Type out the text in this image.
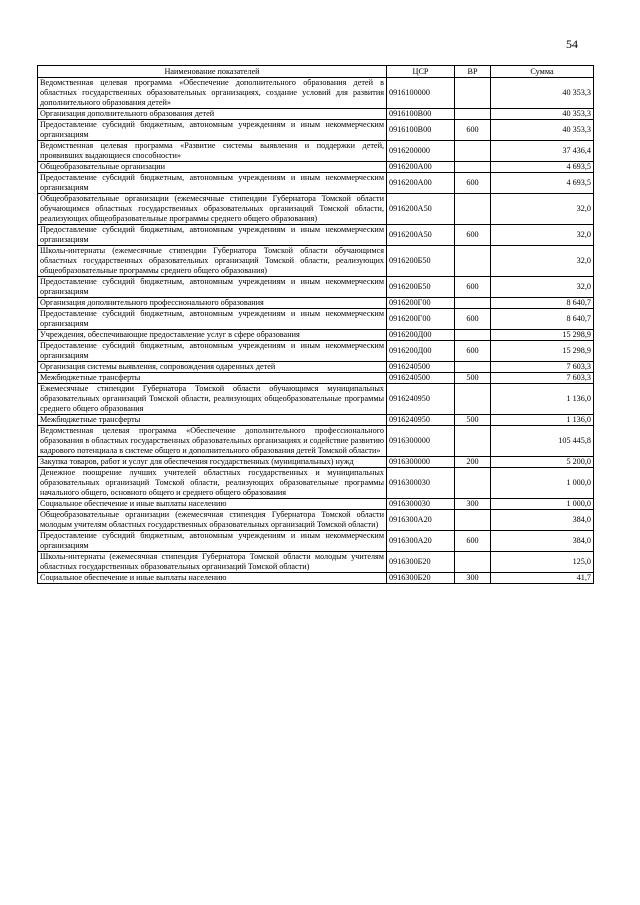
54
Наименование показателей	ЦСР	ВР	Сумма
Ведомственная целевая программа «Обеспечение дополнительного образования детей в областных государственных образовательных организациях, создание условий для развития дополнительного образования детей»	0916100000		40 353,3
Организация дополнительного образования детей	0916100В00		40 353,3
Предоставление субсидий бюджетным, автономным учреждениям и иным некоммерческим организациям	0916100В00	600	40 353,3
Ведомственная целевая программа «Развитие системы выявления и поддержки детей, проявивших выдающиеся способности»	0916200000		37 436,4
Общеобразовательные организации	0916200А00		4 693,5
Предоставление субсидий бюджетным, автономным учреждениям и иным некоммерческим организациям	0916200А00	600	4 693,5
Общеобразовательные организации (ежемесячные стипендии Губернатора Томской области обучающимся областных государственных образовательных организаций Томской области, реализующих общеобразовательные программы среднего общего образования)	0916200А50		32,0
Предоставление субсидий бюджетным, автономным учреждениям и иным некоммерческим организациям	0916200А50	600	32,0
Школы-интернаты (ежемесячные стипендии Губернатора Томской области обучающимся областных государственных образовательных организаций Томской области, реализующих общеобразовательные программы среднего общего образования)	0916200Б50		32,0
Предоставление субсидий бюджетным, автономным учреждениям и иным некоммерческим организациям	0916200Б50	600	32,0
Организация дополнительного профессионального образования	0916200Г00		8 640,7
Предоставление субсидий бюджетным, автономным учреждениям и иным некоммерческим организациям	0916200Г00	600	8 640,7
Учреждения, обеспечивающие предоставление услуг в сфере образования	0916200Д00		15 298,9
Предоставление субсидий бюджетным, автономным учреждениям и иным некоммерческим организациям	0916200Д00	600	15 298,9
Организация системы выявления, сопровождения одаренных детей	0916240500		7 603,3
Межбюджетные трансферты	0916240500	500	7 603,3
Ежемесячные стипендии Губернатора Томской области обучающимся муниципальных образовательных организаций Томской области, реализующих общеобразовательные программы среднего общего образования	0916240950		1 136,0
Межбюджетные трансферты	0916240950	500	1 136,0
Ведомственная целевая программа «Обеспечение дополнительного профессионального образования в областных государственных образовательных организациях и содействие развитию кадрового потенциала в системе общего и дополнительного образования детей Томской области»	0916300000		105 445,8
Закупка товаров, работ и услуг для обеспечения государственных (муниципальных) нужд	0916300000	200	5 200,0
Денежное поощрение лучших учителей областных государственных и муниципальных образовательных организаций Томской области, реализующих образовательные программы начального общего, основного общего и среднего общего образования	0916300030		1 000,0
Социальное обеспечение и иные выплаты населению	0916300030	300	1 000,0
Общеобразовательные организации (ежемесячная стипендия Губернатора Томской области молодым учителям областных государственных образовательных организаций Томской области)	0916300А20		384,0
Предоставление субсидий бюджетным, автономным учреждениям и иным некоммерческим организациям	0916300А20	600	384,0
Школы-интернаты (ежемесячная стипендия Губернатора Томской области молодым учителям областных государственных образовательных организаций Томской области)	0916300Б20		125,0
Социальное обеспечение и иные выплаты населению	0916300Б20	300	41,7
